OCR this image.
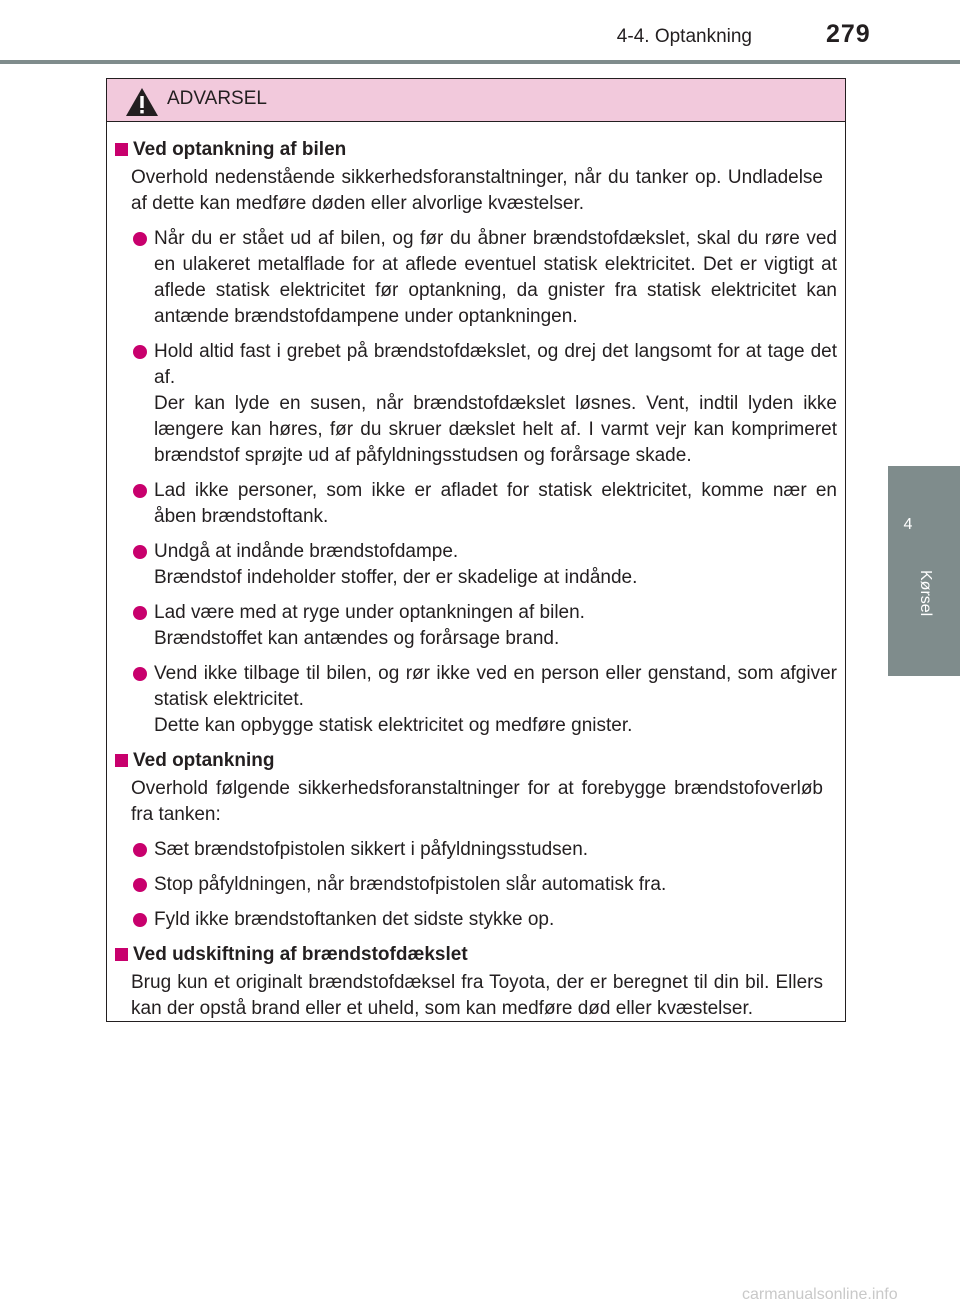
4-4. Optankning	279
4
Kørsel
ADVARSEL
Ved optankning af bilen
Overhold nedenstående sikkerhedsforanstaltninger, når du tanker op. Undladelse af dette kan medføre døden eller alvorlige kvæstelser.
Når du er stået ud af bilen, og før du åbner brændstofdækslet, skal du røre ved en ulakeret metalflade for at aflede eventuel statisk elektricitet. Det er vigtigt at aflede statisk elektricitet før optankning, da gnister fra statisk elektricitet kan antænde brændstofdampene under optankningen.
Hold altid fast i grebet på brændstofdækslet, og drej det langsomt for at tage det af.
Der kan lyde en susen, når brændstofdækslet løsnes. Vent, indtil lyden ikke længere kan høres, før du skruer dækslet helt af. I varmt vejr kan komprimeret brændstof sprøjte ud af påfyldningsstudsen og forårsage skade.
Lad ikke personer, som ikke er afladet for statisk elektricitet, komme nær en åben brændstoftank.
Undgå at indånde brændstofdampe.
Brændstof indeholder stoffer, der er skadelige at indånde.
Lad være med at ryge under optankningen af bilen.
Brændstoffet kan antændes og forårsage brand.
Vend ikke tilbage til bilen, og rør ikke ved en person eller genstand, som afgiver statisk elektricitet.
Dette kan opbygge statisk elektricitet og medføre gnister.
Ved optankning
Overhold følgende sikkerhedsforanstaltninger for at forebygge brændstofoverløb fra tanken:
Sæt brændstofpistolen sikkert i påfyldningsstudsen.
Stop påfyldningen, når brændstofpistolen slår automatisk fra.
Fyld ikke brændstoftanken det sidste stykke op.
Ved udskiftning af brændstofdækslet
Brug kun et originalt brændstofdæksel fra Toyota, der er beregnet til din bil. Ellers kan der opstå brand eller et uheld, som kan medføre død eller kvæstelser.
carmanualsonline.info
